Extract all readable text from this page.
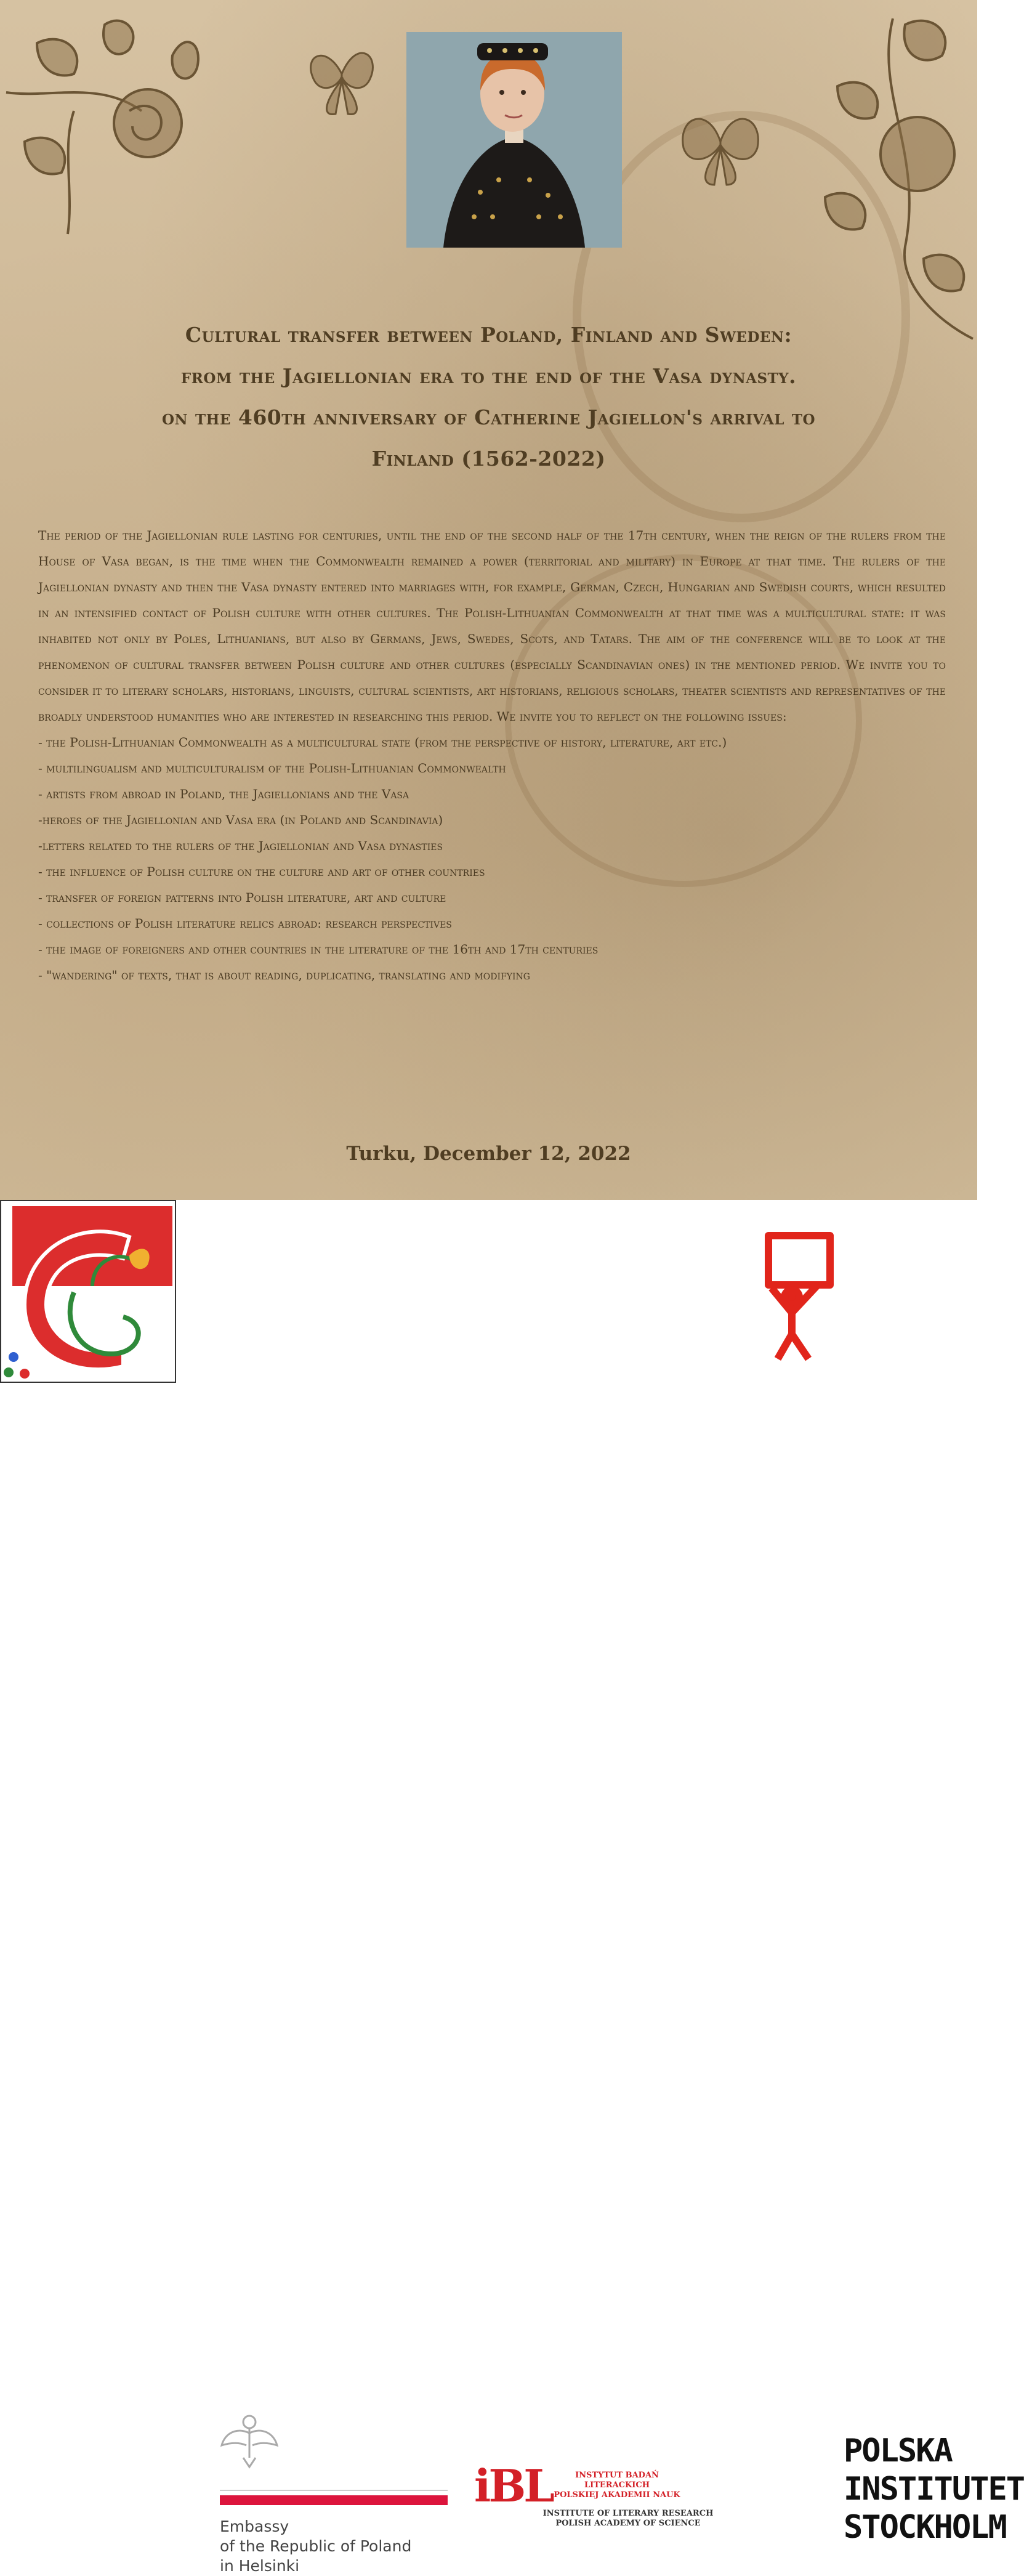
Cultural transfer between Poland, Finland and Sweden:
from the Jagiellonian era to the end of the Vasa dynasty.
on the 460th anniversary of Catherine Jagiellon's arrival to
Finland (1562-2022)

The period of the Jagiellonian rule lasting for centuries, until the end of the second half of the 17th century, when the reign of the rulers from the House of Vasa began, is the time when the Commonwealth remained a power (territorial and military) in Europe at that time. The rulers of the Jagiellonian dynasty and then the Vasa dynasty entered into marriages with, for example, German, Czech, Hungarian and Swedish courts, which resulted in an intensified contact of Polish culture with other cultures. The Polish-Lithuanian Commonwealth at that time was a multicultural state: it was inhabited not only by Poles, Lithuanians, but also by Germans, Jews, Swedes, Scots, and Tatars. The aim of the conference will be to look at the phenomenon of cultural transfer between Polish culture and other cultures (especially Scandinavian ones) in the mentioned period. We invite you to consider it to literary scholars, historians, linguists, cultural scientists, art historians, religious scholars, theater scientists and representatives of the broadly understood humanities who are interested in researching this period. We invite you to reflect on the following issues:

- the Polish-Lithuanian Commonwealth as a multicultural state (from the perspective of history, literature, art etc.)
- multilingualism and multiculturalism of the Polish-Lithuanian Commonwealth
- artists from abroad in Poland, the Jagiellonians and the Vasa
-heroes of the Jagiellonian and Vasa era (in Poland and Scandinavia)
-letters related to the rulers of the Jagiellonian and Vasa dynasties
- the influence of Polish culture on the culture and art of other countries
- transfer of foreign patterns into Polish literature, art and culture
- collections of Polish literature relics abroad: research perspectives
- the image of foreigners and other countries in the literature of the 16th and 17th centuries
- "wandering" of texts, that is about reading, duplicating, translating and modifying
Turku, December 12, 2022
Embassy
of the Republic of Poland
in Helsinki
iBL	INSTYTUT BADAŃ LITERACKICH
POLSKIEJ AKADEMII NAUK
INSTITUTE OF LITERARY RESEARCH
POLISH ACADEMY OF SCIENCE
POLSKA
INSTITUTET
STOCKHOLM
